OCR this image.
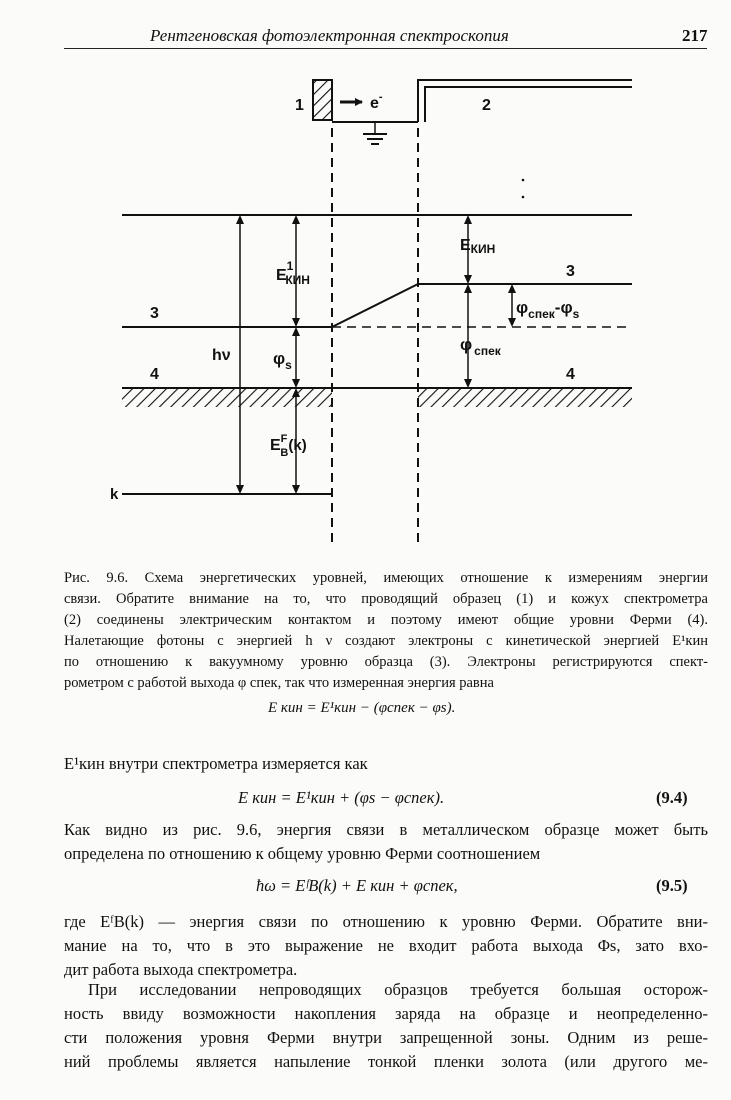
Рентгеновская фотоэлектронная спектроскопия	217
1	e-	2
3
3
4	4
k
hν
$E^1$ КИН
$\varphi_s$
$E^F$ B(k)
EКИН
φ $_{спек}$
$\varphi_{спек}-\varphi_s$
Рис. 9.6. Схема энергетических уровней, имеющих отношение к измерениям энергии
связи. Обратите внимание на то, что проводящий образец (1) и кожух спектрометра
(2) соединены электрическим контактом и поэтому имеют общие уровни Ферми (4).
Налетающие фотоны с энергией h ν создают электроны с кинетической энергией E¹кин
по отношению к вакуумному уровню образца (3). Электроны регистрируются спект-
рометром с работой выхода φ спек, так что измеренная энергия равна
E кин = E¹кин − (φспек − φs).
E¹кин внутри спектрометра измеряется как
E кин = E¹кин + (φs − φспек).	(9.4)
Как видно из рис. 9.6, энергия связи в металлическом образце может быть
определена по отношению к общему уровню Ферми соотношением
ħω = EᶠB(k) + E кин + φспек,	(9.5)
где EᶠB(k) — энергия связи по отношению к уровню Ферми. Обратите вни-
мание на то, что в это выражение не входит работа выхода Φs, зато вхо-
дит работа выхода спектрометра.
При исследовании непроводящих образцов требуется большая осторож-
ность ввиду возможности накопления заряда на образце и неопределенно-
сти положения уровня Ферми внутри запрещенной зоны. Одним из реше-
ний проблемы является напыление тонкой пленки золота (или другого ме-
